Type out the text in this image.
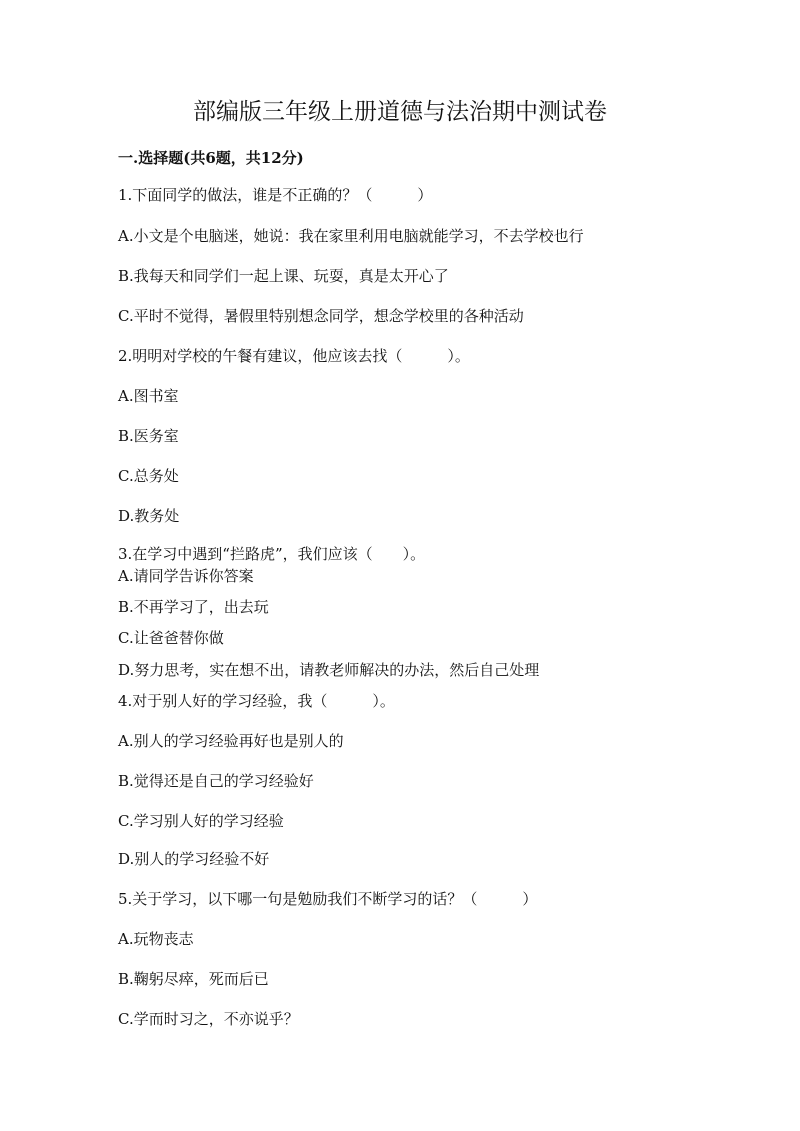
部编版三年级上册道德与法治期中测试卷
一.选择题(共6题，共12分)
1.下面同学的做法，谁是不正确的？（　　　）
A.小文是个电脑迷，她说：我在家里利用电脑就能学习，不去学校也行
B.我每天和同学们一起上课、玩耍，真是太开心了
C.平时不觉得，暑假里特别想念同学，想念学校里的各种活动
2.明明对学校的午餐有建议，他应该去找（　　　）。
A.图书室
B.医务室
C.总务处
D.教务处
3.在学习中遇到“拦路虎”，我们应该（　　）。
A.请同学告诉你答案
B.不再学习了，出去玩
C.让爸爸替你做
D.努力思考，实在想不出，请教老师解决的办法，然后自己处理
4.对于别人好的学习经验，我（　　　）。
A.别人的学习经验再好也是别人的
B.觉得还是自己的学习经验好
C.学习别人好的学习经验
D.别人的学习经验不好
5.关于学习，以下哪一句是勉励我们不断学习的话？（　　　）
A.玩物丧志
B.鞠躬尽瘁，死而后已
C.学而时习之，不亦说乎？
